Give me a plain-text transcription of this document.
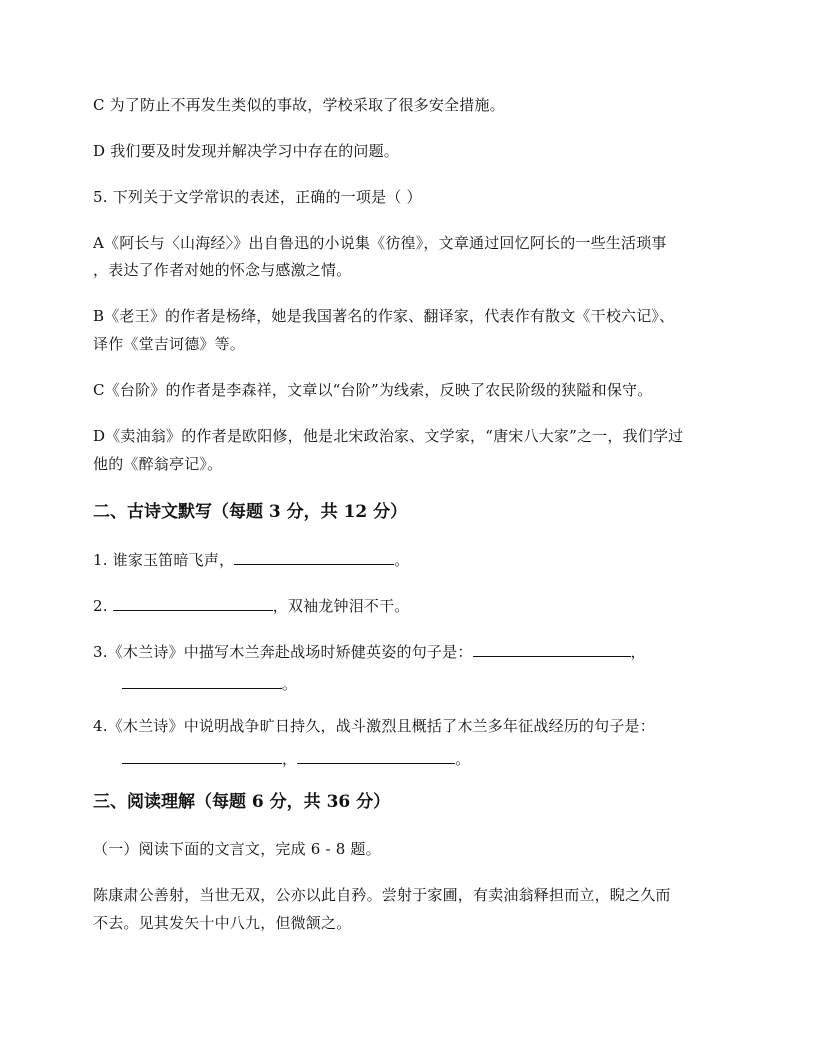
C 为了防止不再发生类似的事故，学校采取了很多安全措施。
D 我们要及时发现并解决学习中存在的问题。
5. 下列关于文学常识的表述，正确的一项是（ ）
A《阿长与〈山海经〉》出自鲁迅的小说集《彷徨》，文章通过回忆阿长的一些生活琐事
，表达了作者对她的怀念与感激之情。
B《老王》的作者是杨绛，她是我国著名的作家、翻译家，代表作有散文《干校六记》、
译作《堂吉诃德》等。
C《台阶》的作者是李森祥，文章以“台阶”为线索，反映了农民阶级的狭隘和保守。
D《卖油翁》的作者是欧阳修，他是北宋政治家、文学家，“唐宋八大家”之一，我们学过
他的《醉翁亭记》。
二、古诗文默写（每题 3 分，共 12 分）
1. 谁家玉笛暗飞声，	。
2.	，双袖龙钟泪不干。
3.《木兰诗》中描写木兰奔赴战场时矫健英姿的句子是：	，
。
4.《木兰诗》中说明战争旷日持久，战斗激烈且概括了木兰多年征战经历的句子是：
，	。
三、阅读理解（每题 6 分，共 36 分）
（一）阅读下面的文言文，完成 6 - 8 题。
陈康肃公善射，当世无双，公亦以此自矜。尝射于家圃，有卖油翁释担而立，睨之久而
不去。见其发矢十中八九，但微颔之。
